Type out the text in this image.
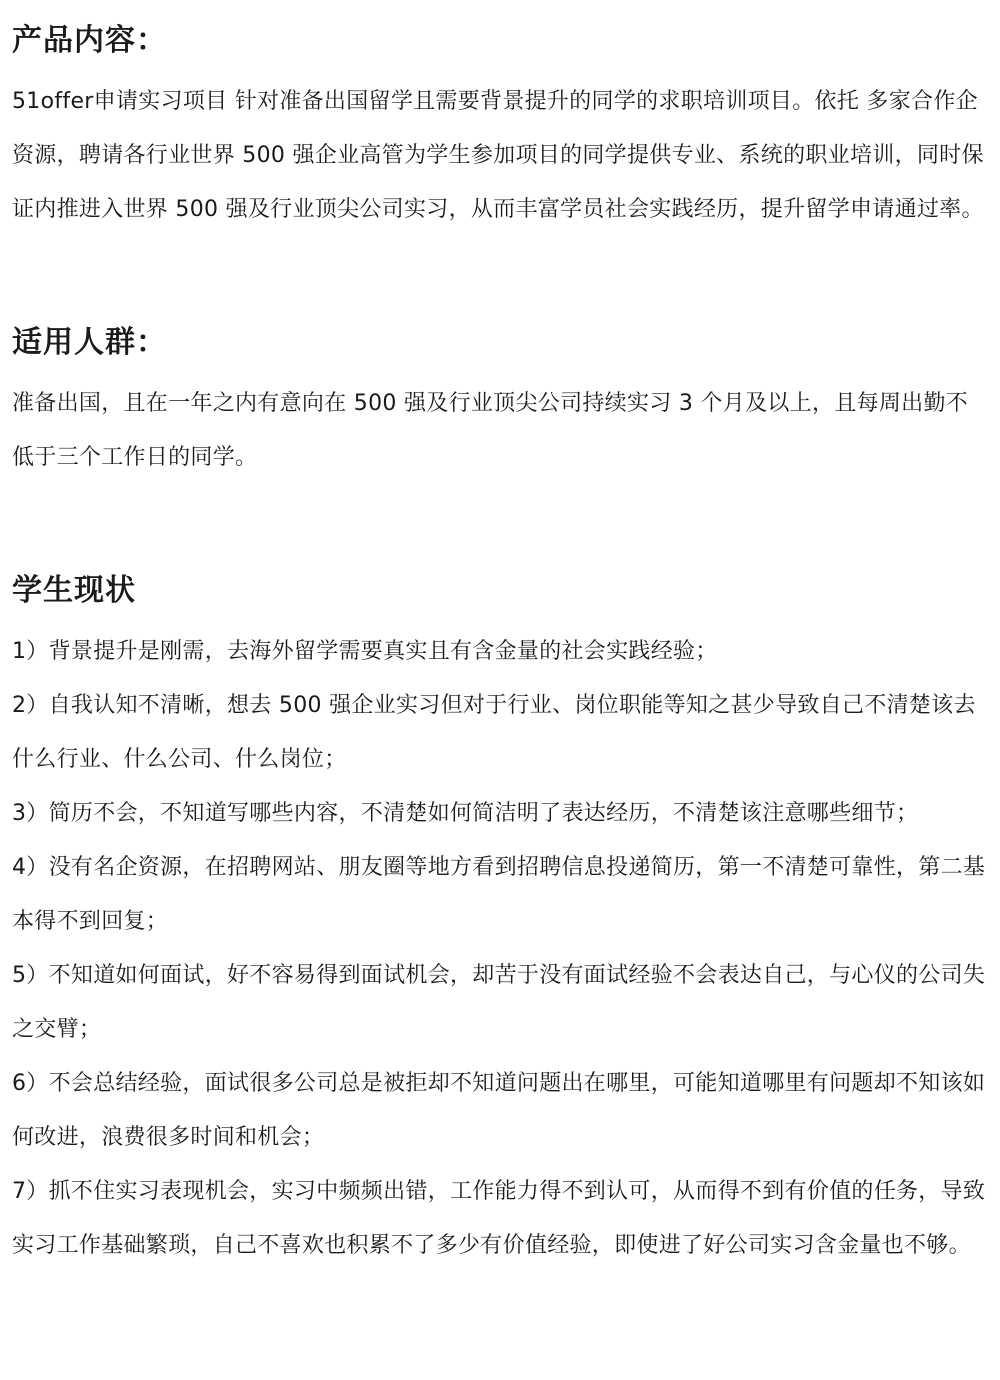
产品内容：

51offer申请实习项目 针对准备出国留学且需要背景提升的同学的求职培训项目。依托 多家合作企资源，聘请各行业世界 500 强企业高管为学生参加项目的同学提供专业、系统的职业培训，同时保证内推进入世界 500 强及行业顶尖公司实习，从而丰富学员社会实践经历，提升留学申请通过率。

适用人群：

准备出国，且在一年之内有意向在 500 强及行业顶尖公司持续实习 3 个月及以上，且每周出勤不低于三个工作日的同学。

学生现状

1）背景提升是刚需，去海外留学需要真实且有含金量的社会实践经验；

2）自我认知不清晰，想去 500 强企业实习但对于行业、岗位职能等知之甚少导致自己不清楚该去什么行业、什么公司、什么岗位；

3）简历不会，不知道写哪些内容，不清楚如何简洁明了表达经历，不清楚该注意哪些细节；

4）没有名企资源，在招聘网站、朋友圈等地方看到招聘信息投递简历，第一不清楚可靠性，第二基本得不到回复；

5）不知道如何面试，好不容易得到面试机会，却苦于没有面试经验不会表达自己，与心仪的公司失之交臂；

6）不会总结经验，面试很多公司总是被拒却不知道问题出在哪里，可能知道哪里有问题却不知该如何改进，浪费很多时间和机会；

7）抓不住实习表现机会，实习中频频出错，工作能力得不到认可，从而得不到有价值的任务，导致实习工作基础繁琐，自己不喜欢也积累不了多少有价值经验，即使进了好公司实习含金量也不够。
